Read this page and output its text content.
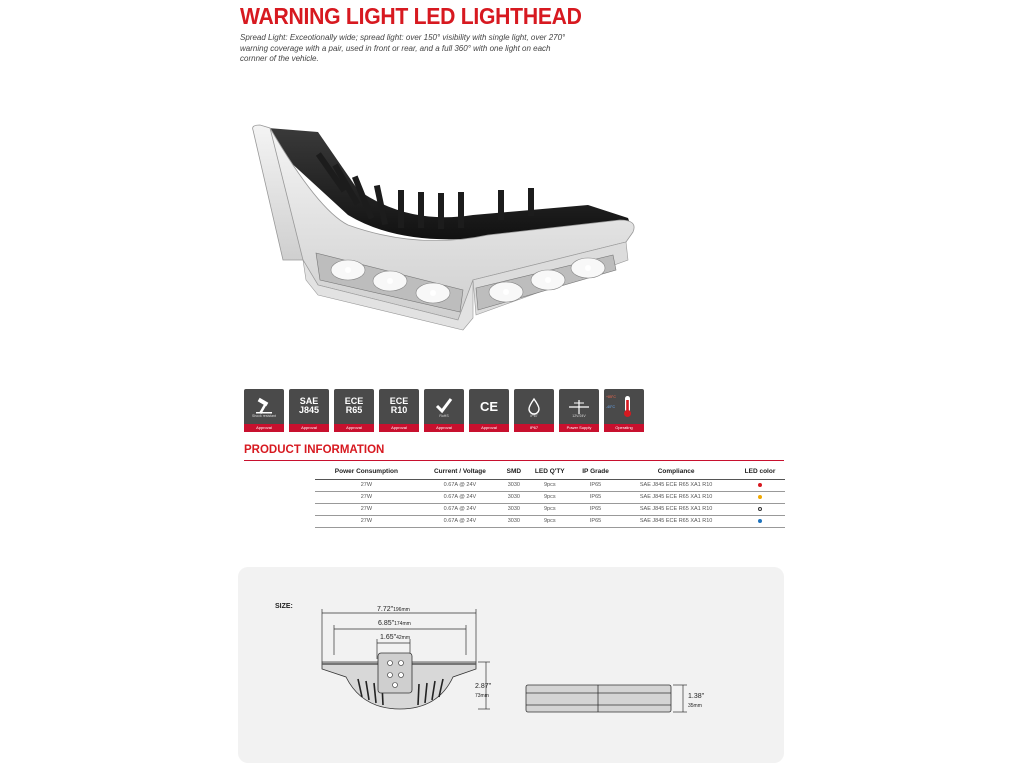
WARNING LIGHT LED LIGHTHEAD
Spread Light: Exceotionally wide; spread light: over 150° visibility with single light, over 270° warning coverage with a pair, used in front or rear, and a full 360° with one light on each cornner of the vehicle.
Shock resistant
Approval
SAE
J845
Approval
ECE
R65
Approval
ECE
R10
Approval
RoHS
Approval
CE
Approval
IP67
IP67
12V/24V
Power Supply
+85°C
-40°C
Operating Temperature
PRODUCT INFORMATION
Power Consumption	Current / Voltage	SMD	LED Q'TY	IP Grade	Compliance	LED color
27W	0.67A @ 24V	3030	9pcs	IP65	SAE J845 ECE R65 XA1 R10	
27W	0.67A @ 24V	3030	9pcs	IP65	SAE J845 ECE R65 XA1 R10	
27W	0.67A @ 24V	3030	9pcs	IP65	SAE J845 ECE R65 XA1 R10	
27W	0.67A @ 24V	3030	9pcs	IP65	SAE J845 ECE R65 XA1 R10	
SIZE:	7.72"196mm
6.85"174mm
1.65"42mm
2.87"
73mm	1.38"
35mm
